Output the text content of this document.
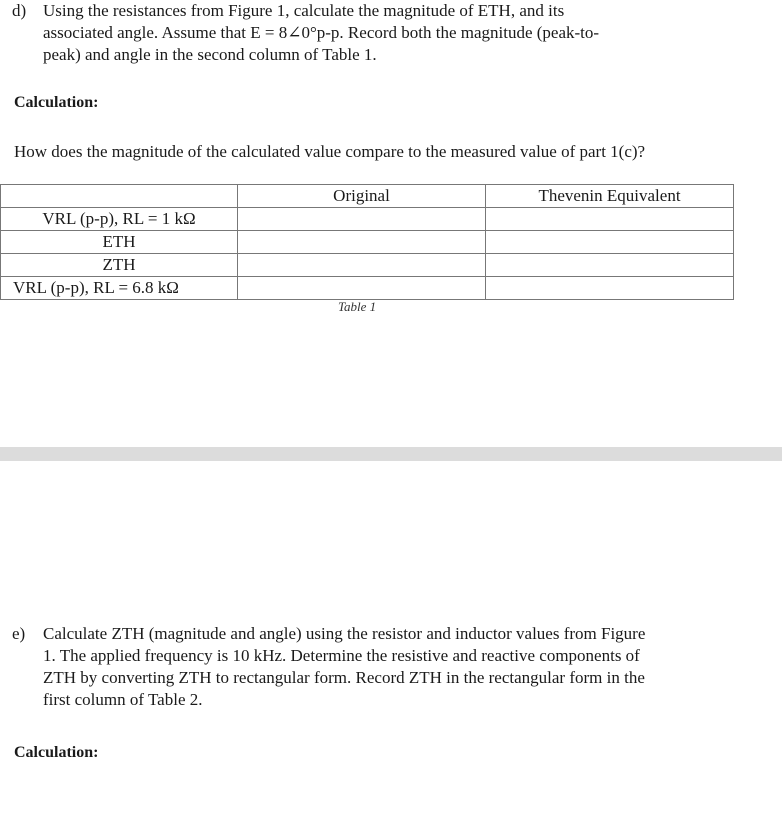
d) Using the resistances from Figure 1, calculate the magnitude of ETH, and its
associated angle. Assume that E = 8∠0°p-p. Record both the magnitude (peak-to-
peak) and angle in the second column of Table 1.
Calculation:
How does the magnitude of the calculated value compare to the measured value of part 1(c)?
	Original	Thevenin Equivalent
VRL (p-p), RL = 1 kΩ		
ETH		
ZTH		
VRL (p-p), RL = 6.8 kΩ		
Table 1
e) Calculate ZTH (magnitude and angle) using the resistor and inductor values from Figure
1. The applied frequency is 10 kHz. Determine the resistive and reactive components of
ZTH by converting ZTH to rectangular form. Record ZTH in the rectangular form in the
first column of Table 2.
Calculation:
